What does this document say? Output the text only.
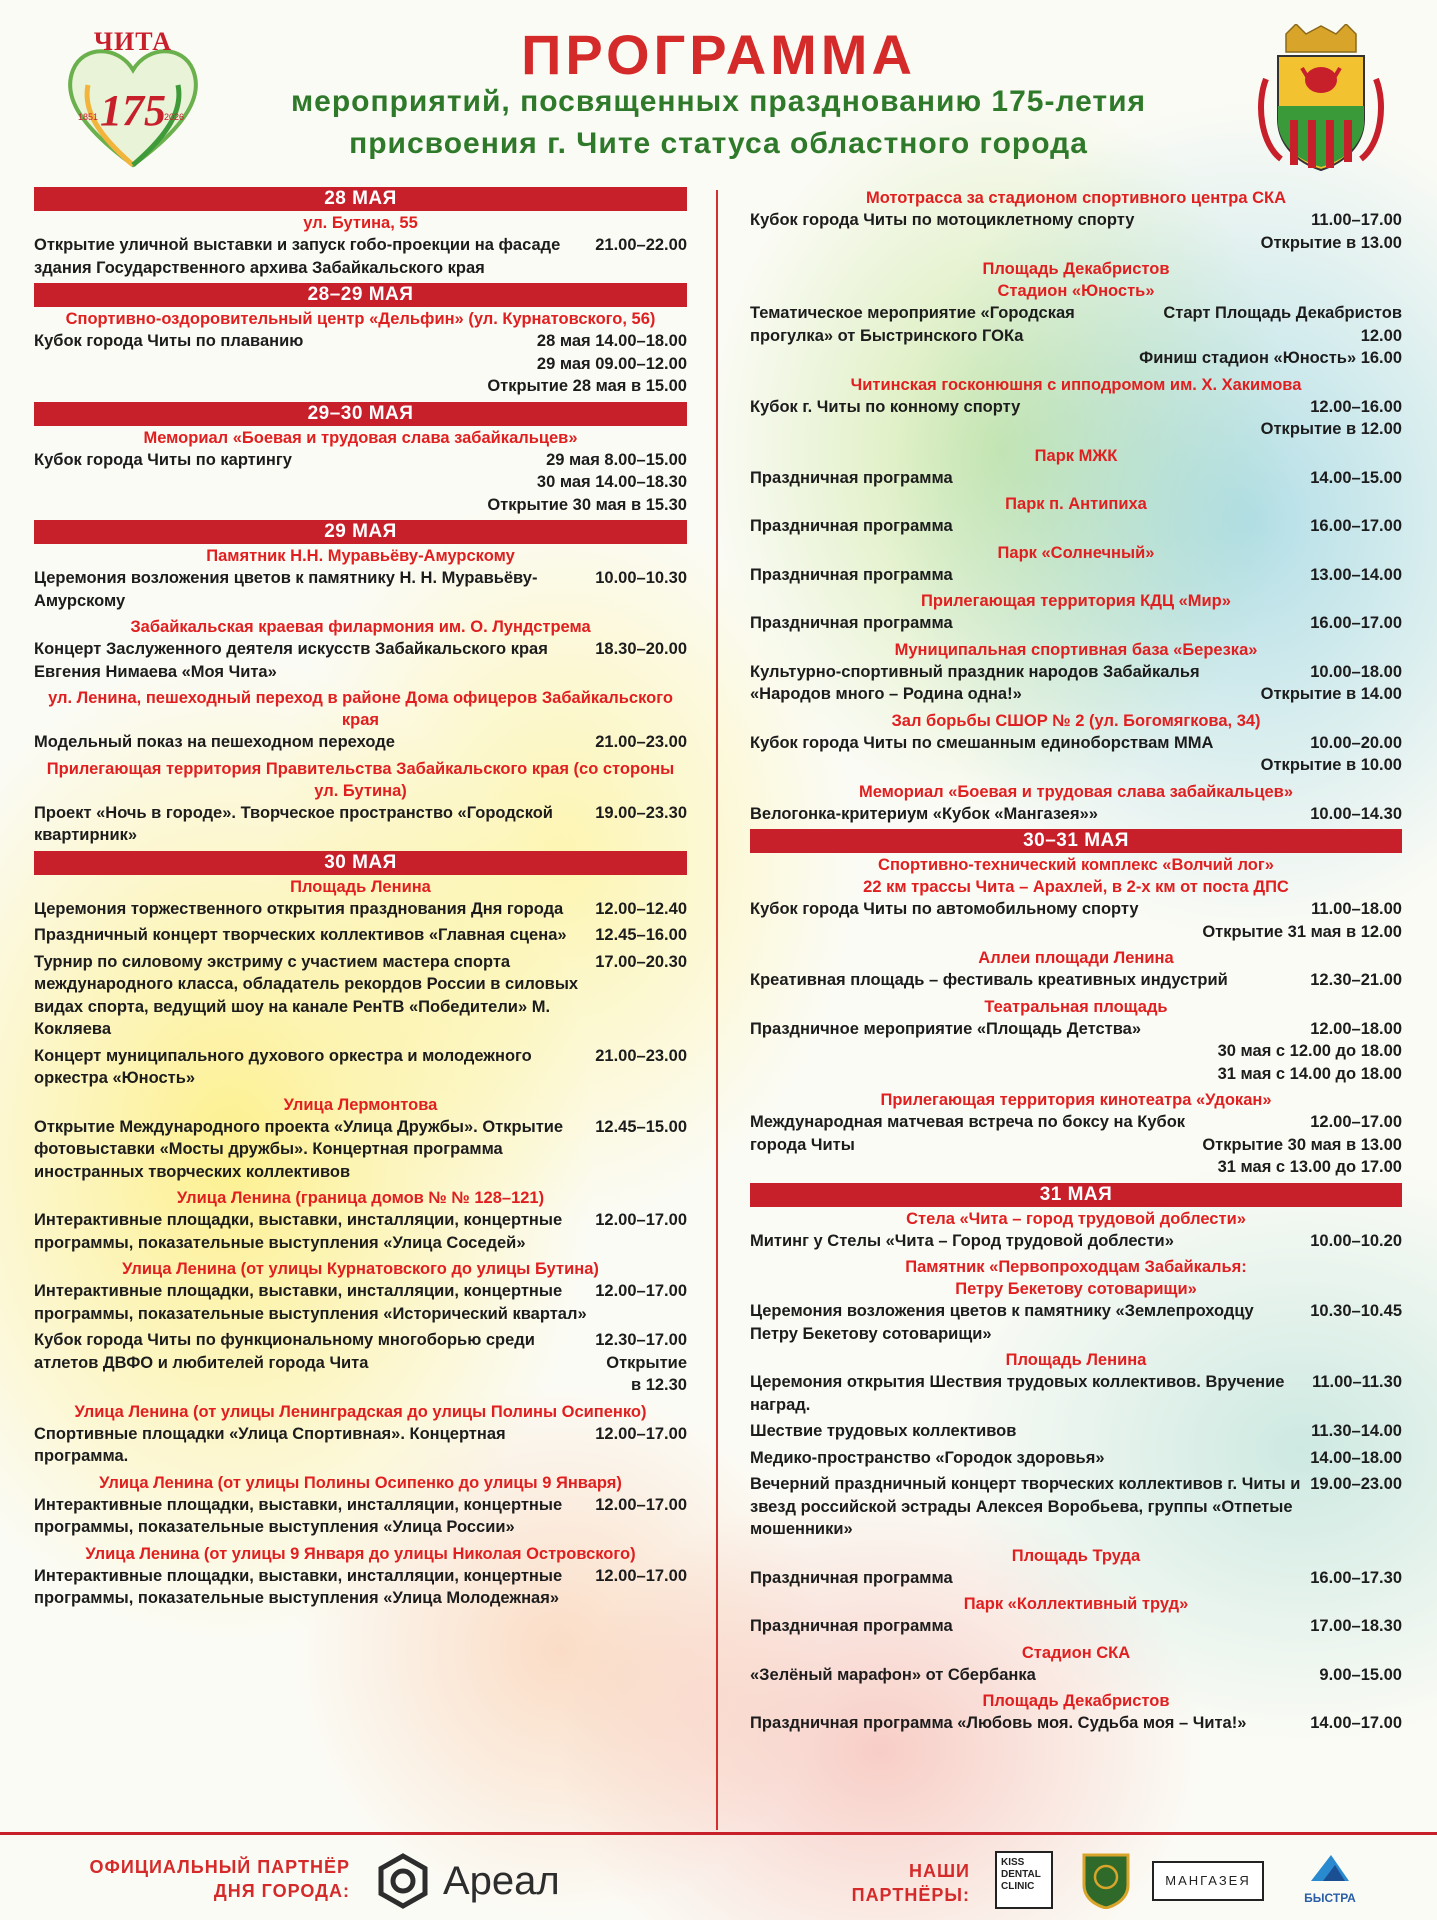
175
1851	2026
ЧИТА	ПРОГРАММА
мероприятий, посвященных празднованию 175-летия
присвоения г. Чите статуса областного города
28 МАЯ
ул. Бутина, 55
Открытие уличной выставки и запуск гобо-проекции на фасаде здания Государственного архива Забайкальского края
21.00–22.00
28–29 МАЯ
Спортивно-оздоровительный центр «Дельфин» (ул. Курнатовского, 56)
Кубок города Читы по плаванию	28 мая 14.00–18.00
29 мая 09.00–12.00
Открытие 28 мая в 15.00
29–30 МАЯ
Мемориал «Боевая и трудовая слава забайкальцев»
Кубок города Читы по картингу	29 мая 8.00–15.00
30 мая 14.00–18.30
Открытие 30 мая в 15.30
29 МАЯ
Памятник Н.Н. Муравьёву-Амурскому
Церемония возложения цветов к памятнику Н. Н. Муравьёву-Амурскому
10.00–10.30
Забайкальская краевая филармония им. О. Лундстрема
Концерт Заслуженного деятеля искусств Забайкальского края Евгения Нимаева «Моя Чита»
18.30–20.00
ул. Ленина, пешеходный переход в районе Дома офицеров Забайкальского края
Модельный показ на пешеходном переходе	21.00–23.00
Прилегающая территория Правительства Забайкальского края (со стороны ул. Бутина)
Проект «Ночь в городе». Творческое пространство «Городской квартирник»
19.00–23.30
30 МАЯ
Площадь Ленина
Церемония торжественного открытия празднования Дня города	12.00–12.40
Праздничный концерт творческих коллективов «Главная сцена»	12.45–16.00
Турнир по силовому экстриму с участием мастера спорта международного класса, обладатель рекордов России в силовых видах спорта, ведущий шоу на канале РенТВ «Победители» М. Кокляева
17.00–20.30
Концерт муниципального духового оркестра и молодежного оркестра «Юность»
21.00–23.00
Улица Лермонтова
Открытие Международного проекта «Улица Дружбы». Открытие фотовыставки «Мосты дружбы». Концертная программа иностранных творческих коллективов
12.45–15.00
Улица Ленина (граница домов № № 128–121)
Интерактивные площадки, выставки, инсталляции, концертные программы, показательные выступления «Улица Соседей»
12.00–17.00
Улица Ленина (от улицы Курнатовского до улицы Бутина)
Интерактивные площадки, выставки, инсталляции, концертные программы, показательные выступления «Исторический квартал»
12.00–17.00
Кубок города Читы по функциональному многоборью среди атлетов ДВФО и любителей города Чита
12.30–17.00
Открытие
в 12.30
Улица Ленина (от улицы Ленинградская до улицы Полины Осипенко)
Спортивные площадки «Улица Спортивная». Концертная программа.
12.00–17.00
Улица Ленина (от улицы Полины Осипенко до улицы 9 Января)
Интерактивные площадки, выставки, инсталляции, концертные программы, показательные выступления «Улица России»
12.00–17.00
Улица Ленина (от улицы 9 Января до улицы Николая Островского)
Интерактивные площадки, выставки, инсталляции, концертные программы, показательные выступления «Улица Молодежная»
12.00–17.00
Мототрасса за стадионом спортивного центра СКА
Кубок города Читы по мотоциклетному спорту	11.00–17.00
Открытие в 13.00
Площадь Декабристов
Стадион «Юность»
Тематическое мероприятие «Городская прогулка» от Быстринского ГОКа
Старт Площадь Декабристов
12.00
Финиш стадион «Юность» 16.00
Читинская госконюшня с ипподромом им. Х. Хакимова
Кубок г. Читы по конному спорту	12.00–16.00
Открытие в 12.00
Парк МЖК
Праздничная программа	14.00–15.00
Парк п. Антипиха
Праздничная программа	16.00–17.00
Парк «Солнечный»
Праздничная программа	13.00–14.00
Прилегающая территория КДЦ «Мир»
Праздничная программа	16.00–17.00
Муниципальная спортивная база «Березка»
Культурно-спортивный праздник народов Забайкалья «Народов много – Родина одна!»
10.00–18.00
Открытие в 14.00
Зал борьбы СШОР № 2 (ул. Богомягкова, 34)
Кубок города Читы по смешанным единоборствам ММА	10.00–20.00
Открытие в 10.00
Мемориал «Боевая и трудовая слава забайкальцев»
Велогонка-критериум «Кубок «Мангазея»»	10.00–14.30
30–31 МАЯ
Спортивно-технический комплекс «Волчий лог»
22 км трассы Чита – Арахлей, в 2-х км от поста ДПС
Кубок города Читы по автомобильному спорту	11.00–18.00
Открытие 31 мая в 12.00
Аллеи площади Ленина
Креативная площадь – фестиваль креативных индустрий	12.30–21.00
Театральная площадь
Праздничное мероприятие «Площадь Детства»	12.00–18.00
30 мая с 12.00 до 18.00
31 мая с 14.00 до 18.00
Прилегающая территория кинотеатра «Удокан»
Международная матчевая встреча по боксу на Кубок города Читы
12.00–17.00
Открытие 30 мая в 13.00
31 мая с 13.00 до 17.00
31 МАЯ
Стела «Чита – город трудовой доблести»
Митинг у Стелы «Чита – Город трудовой доблести»	10.00–10.20
Памятник «Первопроходцам Забайкалья:
Петру Бекетову сотоварищи»
Церемония возложения цветов к памятнику «Землепроходцу Петру Бекетову сотоварищи»
10.30–10.45
Площадь Ленина
Церемония открытия Шествия трудовых коллективов. Вручение наград.
11.00–11.30
Шествие трудовых коллективов	11.30–14.00
Медико-пространство «Городок здоровья»	14.00–18.00
Вечерний праздничный концерт творческих коллективов г. Читы и звезд российской эстрады Алексея Воробьева, группы «Отпетые мошенники»
19.00–23.00
Площадь Труда
Праздничная программа	16.00–17.30
Парк «Коллективный труд»
Праздничная программа	17.00–18.30
Стадион СКА
«Зелёный марафон» от Сбербанка	9.00–15.00
Площадь Декабристов
Праздничная программа «Любовь моя. Судьба моя – Чита!»	14.00–17.00
ОФИЦИАЛЬНЫЙ ПАРТНЁР ДНЯ ГОРОДА: Ареал	НАШИ ПАРТНЁРЫ:
KISS DENTAL CLINIC	МАНГАЗЕЯ
БЫСТРА
